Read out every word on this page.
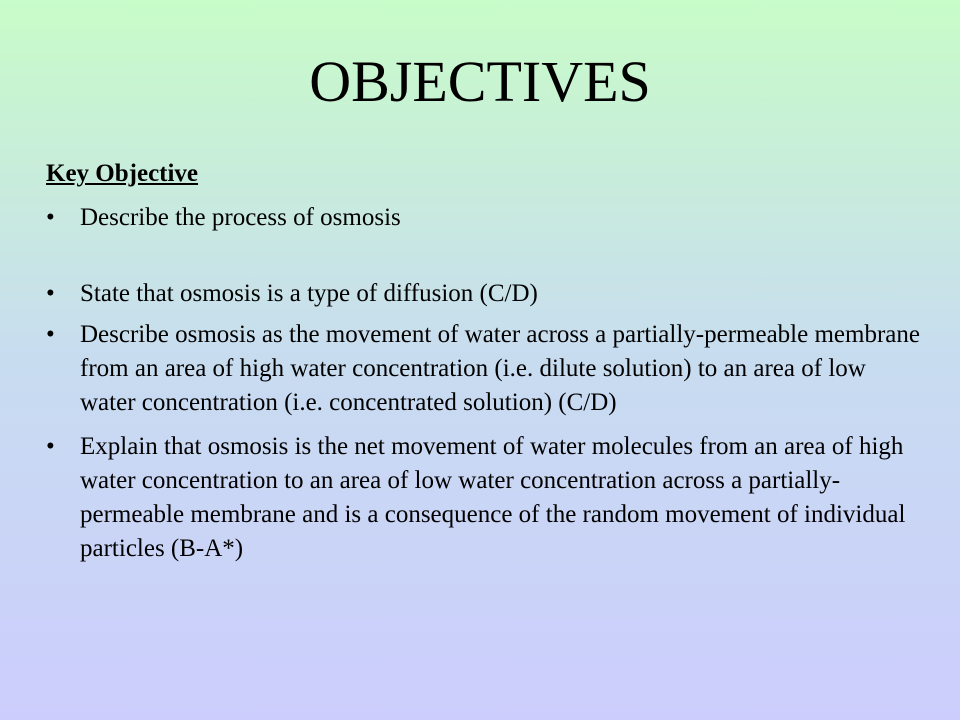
OBJECTIVES

Key Objective

• Describe the process of osmosis
• State that osmosis is a type of diffusion (C/D)
• Describe osmosis as the movement of water across a partially-permeable membrane from an area of high water concentration (i.e. dilute solution) to an area of low water concentration (i.e. concentrated solution) (C/D)
• Explain that osmosis is the net movement of water molecules from an area of high water concentration to an area of low water concentration across a partially-permeable membrane and is a consequence of the random movement of individual particles (B-A*)
